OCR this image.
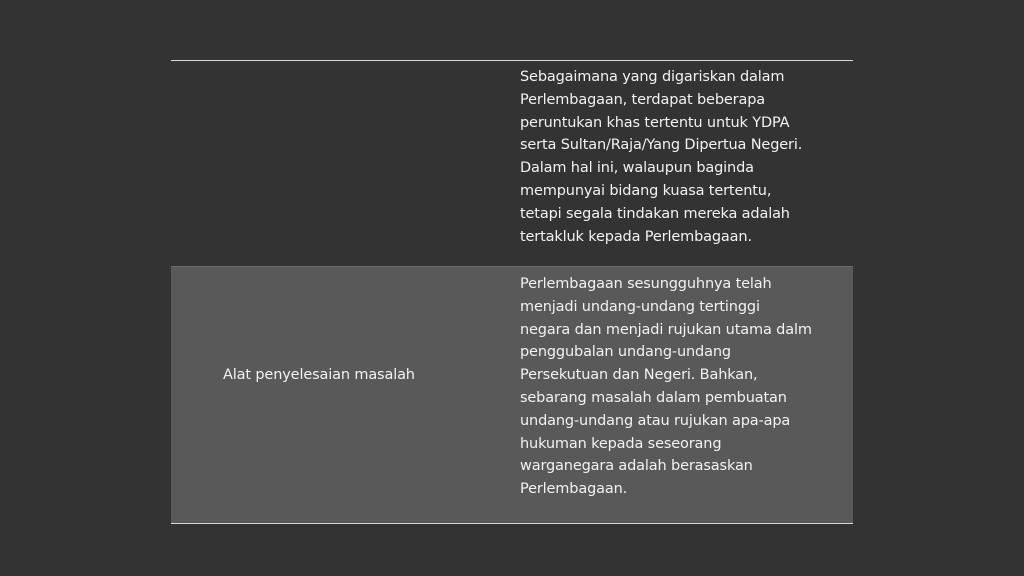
Sebagaimana yang digariskan dalam
Perlembagaan, terdapat beberapa
peruntukan khas tertentu untuk YDPA
serta Sultan/Raja/Yang Dipertua Negeri.
Dalam hal ini, walaupun baginda
mempunyai bidang kuasa tertentu,
tetapi segala tindakan mereka adalah
tertakluk kepada Perlembagaan.
Alat penyelesaian masalah
Perlembagaan sesungguhnya telah
menjadi undang-undang tertinggi
negara dan menjadi rujukan utama dalm
penggubalan undang-undang
Persekutuan dan Negeri. Bahkan,
sebarang masalah dalam pembuatan
undang-undang atau rujukan apa-apa
hukuman kepada seseorang
warganegara adalah berasaskan
Perlembagaan.
